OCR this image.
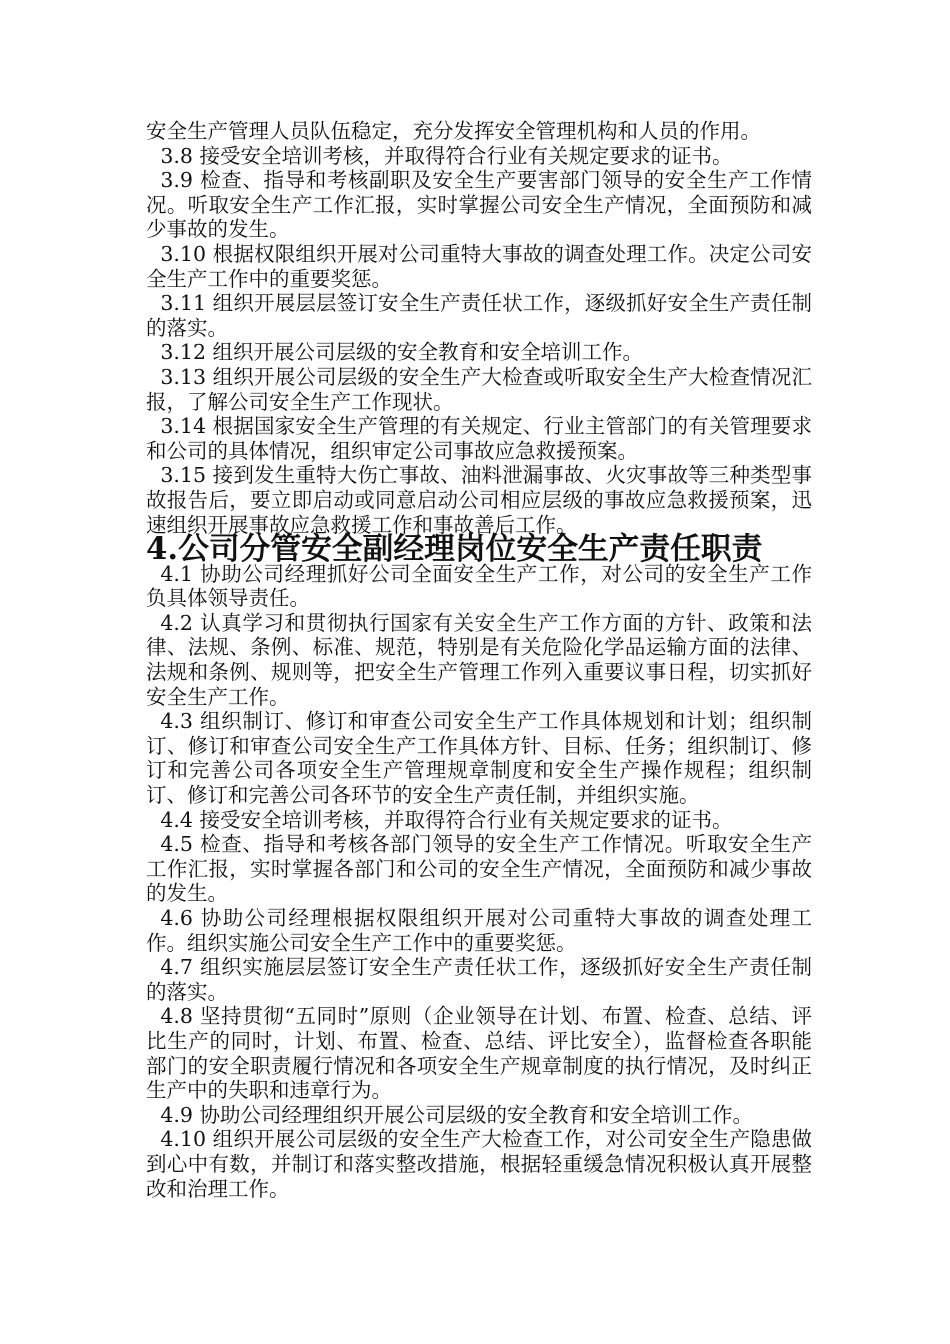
安全生产管理人员队伍稳定，充分发挥安全管理机构和人员的作用。

3.8 接受安全培训考核，并取得符合行业有关规定要求的证书。

3.9 检查、指导和考核副职及安全生产要害部门领导的安全生产工作情况。听取安全生产工作汇报，实时掌握公司安全生产情况，全面预防和减少事故的发生。

3.10 根据权限组织开展对公司重特大事故的调查处理工作。决定公司安全生产工作中的重要奖惩。

3.11 组织开展层层签订安全生产责任状工作，逐级抓好安全生产责任制的落实。

3.12 组织开展公司层级的安全教育和安全培训工作。

3.13 组织开展公司层级的安全生产大检查或听取安全生产大检查情况汇报，了解公司安全生产工作现状。

3.14 根据国家安全生产管理的有关规定、行业主管部门的有关管理要求和公司的具体情况，组织审定公司事故应急救援预案。

3.15 接到发生重特大伤亡事故、油料泄漏事故、火灾事故等三种类型事故报告后，要立即启动或同意启动公司相应层级的事故应急救援预案，迅速组织开展事故应急救援工作和事故善后工作。

4.公司分管安全副经理岗位安全生产责任职责

4.1 协助公司经理抓好公司全面安全生产工作，对公司的安全生产工作负具体领导责任。

4.2 认真学习和贯彻执行国家有关安全生产工作方面的方针、政策和法律、法规、条例、标准、规范，特别是有关危险化学品运输方面的法律、法规和条例、规则等，把安全生产管理工作列入重要议事日程，切实抓好安全生产工作。

4.3 组织制订、修订和审查公司安全生产工作具体规划和计划；组织制订、修订和审查公司安全生产工作具体方针、目标、任务；组织制订、修订和完善公司各项安全生产管理规章制度和安全生产操作规程；组织制订、修订和完善公司各环节的安全生产责任制，并组织实施。

4.4 接受安全培训考核，并取得符合行业有关规定要求的证书。

4.5 检查、指导和考核各部门领导的安全生产工作情况。听取安全生产工作汇报，实时掌握各部门和公司的安全生产情况，全面预防和减少事故的发生。

4.6 协助公司经理根据权限组织开展对公司重特大事故的调查处理工作。组织实施公司安全生产工作中的重要奖惩。

4.7 组织实施层层签订安全生产责任状工作，逐级抓好安全生产责任制的落实。

4.8 坚持贯彻“五同时”原则（企业领导在计划、布置、检查、总结、评比生产的同时，计划、布置、检查、总结、评比安全），监督检查各职能部门的安全职责履行情况和各项安全生产规章制度的执行情况，及时纠正生产中的失职和违章行为。

4.9 协助公司经理组织开展公司层级的安全教育和安全培训工作。

4.10 组织开展公司层级的安全生产大检查工作，对公司安全生产隐患做到心中有数，并制订和落实整改措施，根据轻重缓急情况积极认真开展整改和治理工作。
